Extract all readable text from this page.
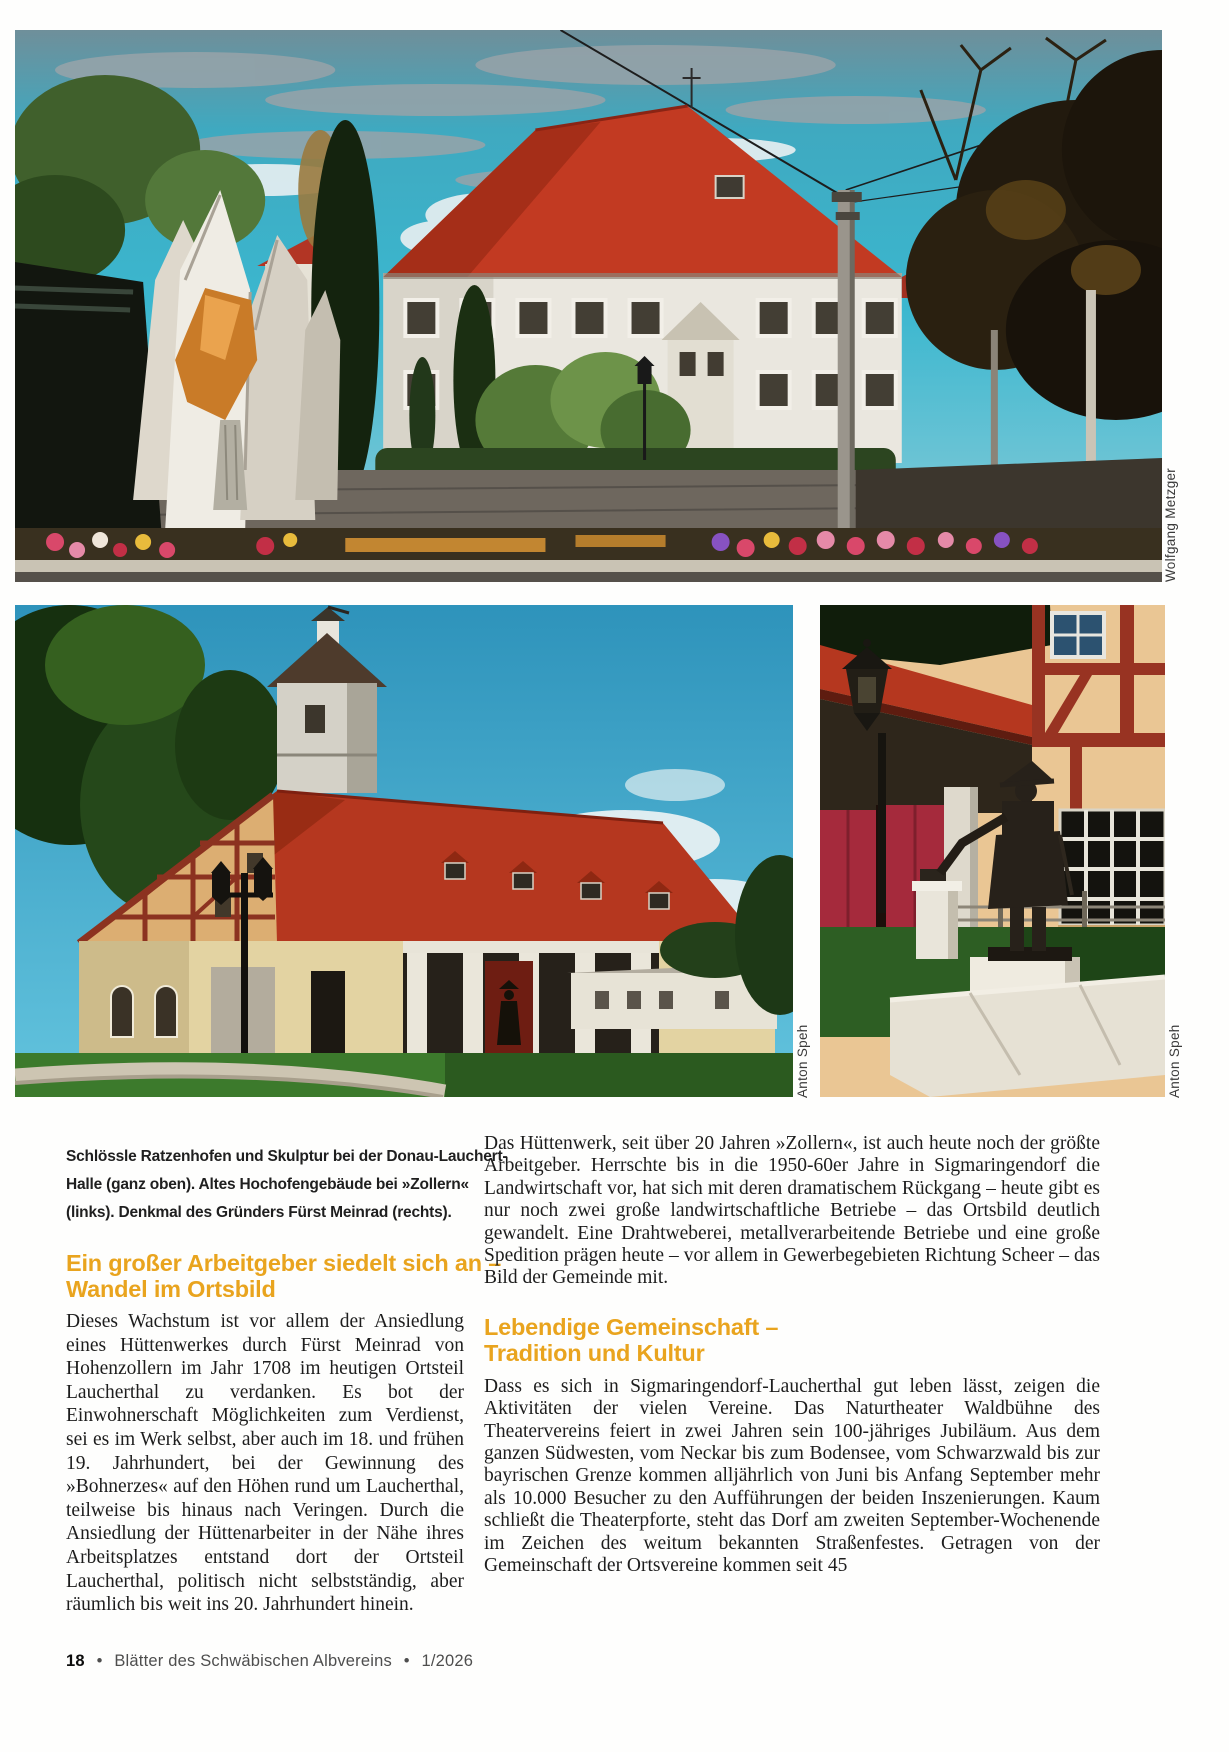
Wolfgang Metzger
Anton Speh	Anton Speh
Schlössle Ratzenhofen und Skulptur bei der Donau-Lauchert-
Halle (ganz oben). Altes Hochofengebäude bei »Zollern«
(links). Denkmal des Gründers Fürst Meinrad (rechts).
Ein großer Arbeitgeber siedelt sich an –
Wandel im Ortsbild

Dieses Wachstum ist vor allem der Ansiedlung eines Hüttenwerkes durch Fürst Meinrad von Hohenzollern im Jahr 1708 im heutigen Ortsteil Laucherthal zu verdanken. Es bot der Einwohnerschaft Möglichkeiten zum Verdienst, sei es im Werk selbst, aber auch im 18. und frühen 19. Jahrhundert, bei der Gewinnung des »Bohnerzes« auf den Höhen rund um Laucherthal, teilweise bis hinaus nach Veringen. Durch die Ansiedlung der Hüttenarbeiter in der Nähe ihres Arbeitsplatzes entstand dort der Ortsteil Laucherthal, politisch nicht selbstständig, aber räumlich bis weit ins 20. Jahrhundert hinein.

Das Hüttenwerk, seit über 20 Jahren »Zollern«, ist auch heute noch der größte Arbeitgeber. Herrschte bis in die 1950-60er Jahre in Sigmaringendorf die Landwirtschaft vor, hat sich mit deren dramatischem Rückgang – heute gibt es nur noch zwei große landwirtschaftliche Betriebe – das Ortsbild deutlich gewandelt. Eine Drahtweberei, metallverarbeitende Betriebe und eine große Spedition prägen heute – vor allem in Gewerbegebieten Richtung Scheer – das Bild der Gemeinde mit.

Lebendige Gemeinschaft –
Tradition und Kultur

Dass es sich in Sigmaringendorf-Laucherthal gut leben lässt, zeigen die Aktivitäten der vielen Vereine. Das Naturtheater Waldbühne des Theatervereins feiert in zwei Jahren sein 100-jähriges Jubiläum. Aus dem ganzen Südwesten, vom Neckar bis zum Bodensee, vom Schwarzwald bis zur bayrischen Grenze kommen alljährlich von Juni bis Anfang September mehr als 10.000 Besucher zu den Aufführungen der beiden Inszenierungen. Kaum schließt die Theaterpforte, steht das Dorf am zweiten September-Wochenende im Zeichen des weitum bekannten Straßenfestes. Getragen von der Gemeinschaft der Ortsvereine kommen seit 45

18 • Blätter des Schwäbischen Albvereins • 1/2026
